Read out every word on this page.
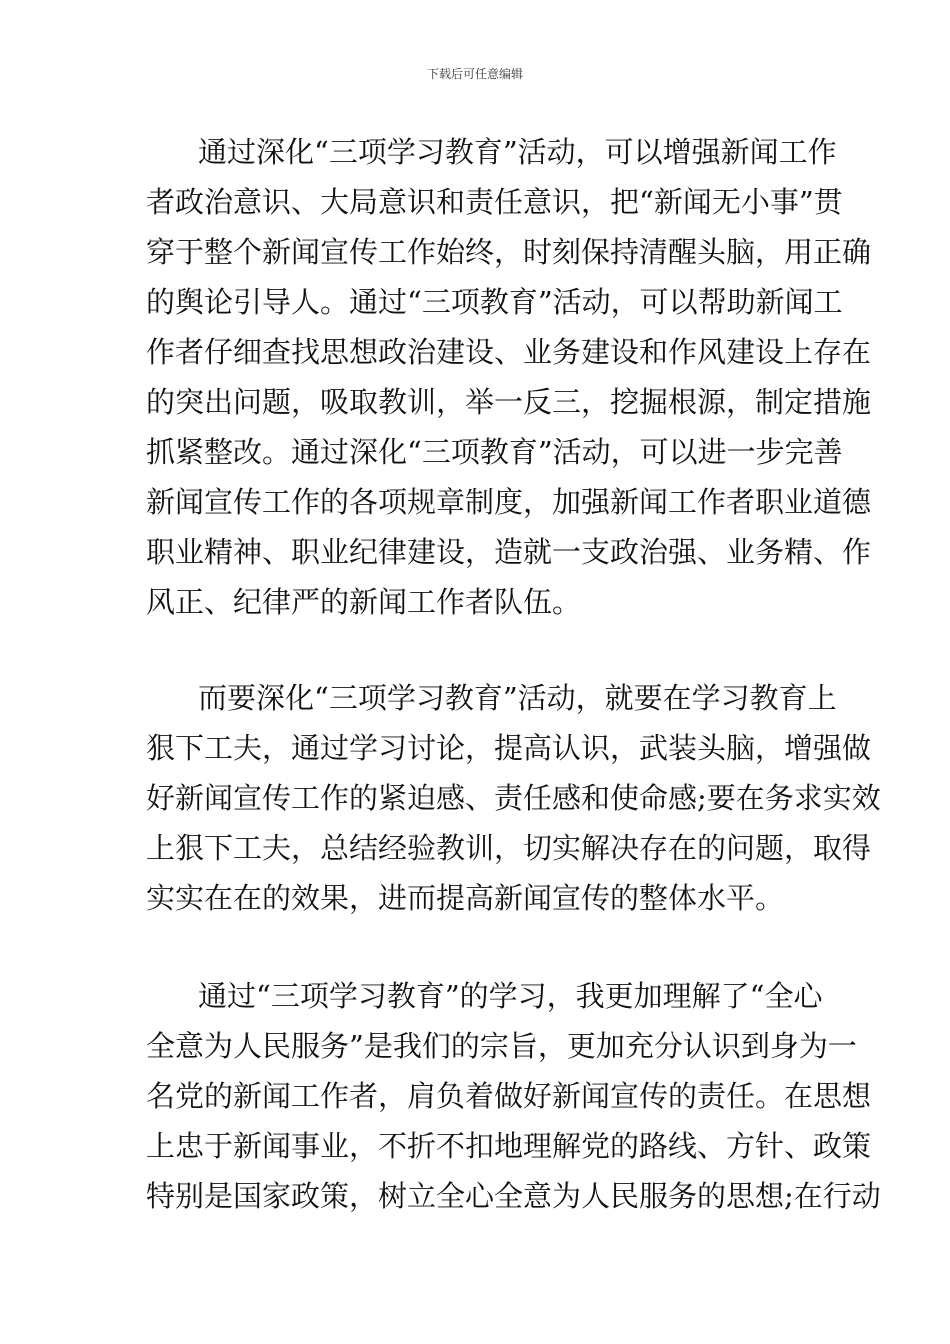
下载后可任意编辑
通过深化“三项学习教育”活动，可以增强新闻工作
者政治意识、大局意识和责任意识，把“新闻无小事”贯
穿于整个新闻宣传工作始终，时刻保持清醒头脑，用正确
的舆论引导人。通过“三项教育”活动，可以帮助新闻工
作者仔细查找思想政治建设、业务建设和作风建设上存在
的突出问题，吸取教训，举一反三，挖掘根源，制定措施
抓紧整改。通过深化“三项教育”活动，可以进一步完善
新闻宣传工作的各项规章制度，加强新闻工作者职业道德
职业精神、职业纪律建设，造就一支政治强、业务精、作
风正、纪律严的新闻工作者队伍。
而要深化“三项学习教育”活动，就要在学习教育上
狠下工夫，通过学习讨论，提高认识，武装头脑，增强做
好新闻宣传工作的紧迫感、责任感和使命感;要在务求实效
上狠下工夫，总结经验教训，切实解决存在的问题，取得
实实在在的效果，进而提高新闻宣传的整体水平。
通过“三项学习教育”的学习，我更加理解了“全心
全意为人民服务”是我们的宗旨，更加充分认识到身为一
名党的新闻工作者，肩负着做好新闻宣传的责任。在思想
上忠于新闻事业，不折不扣地理解党的路线、方针、政策
特别是国家政策，树立全心全意为人民服务的思想;在行动
